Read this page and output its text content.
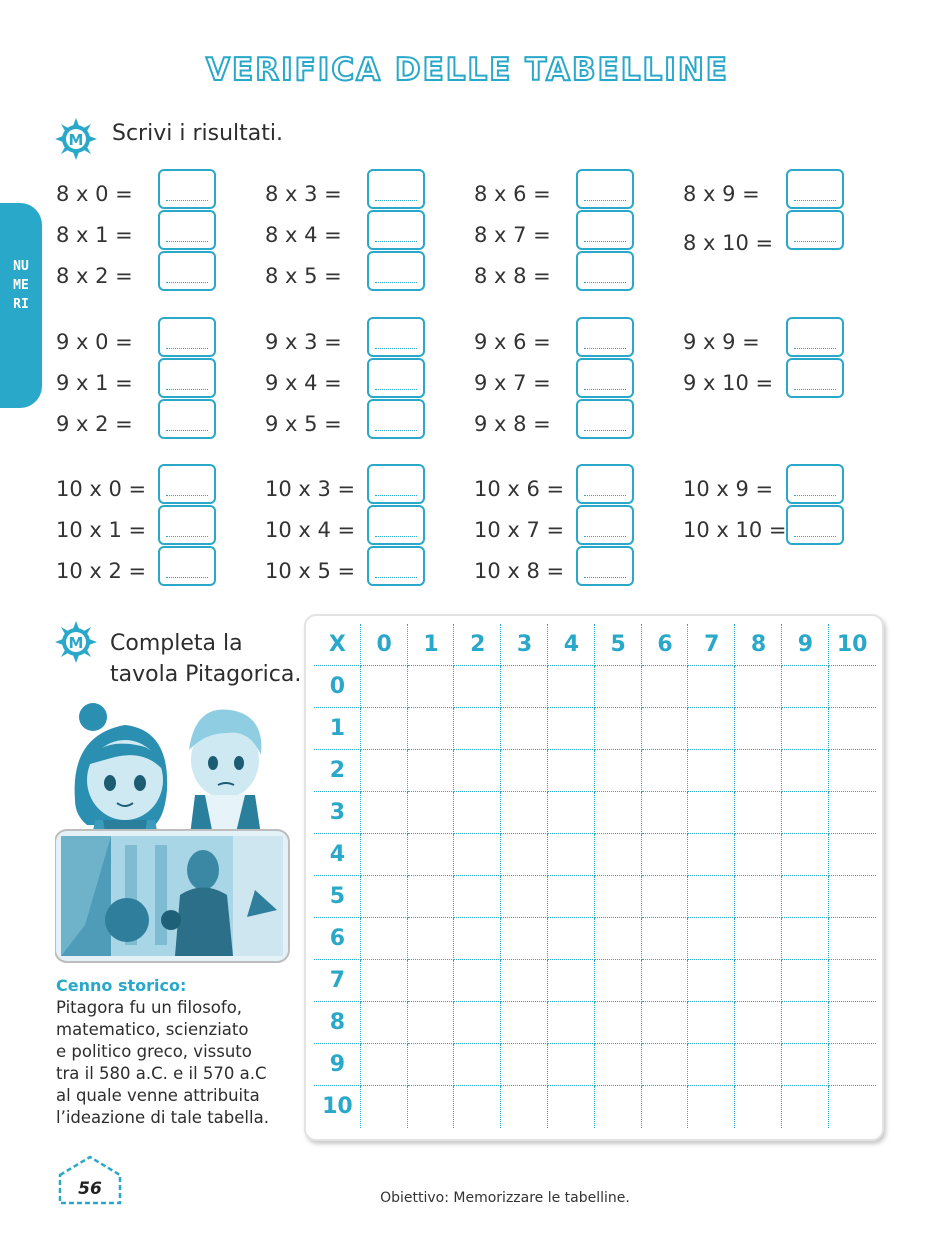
VERIFICA DELLE TABELLINE
NUMERI
M Scrivi i risultati.
8 x 0 =
8 x 1 =
8 x 2 =
8 x 3 =
8 x 4 =
8 x 5 =
8 x 6 =
8 x 7 =
8 x 8 =
8 x 9 =
8 x 10 =
9 x 0 =
9 x 1 =
9 x 2 =
9 x 3 =
9 x 4 =
9 x 5 =
9 x 6 =
9 x 7 =
9 x 8 =
9 x 9 =
9 x 10 =
10 x 0 =
10 x 1 =
10 x 2 =
10 x 3 =
10 x 4 =
10 x 5 =
10 x 6 =
10 x 7 =
10 x 8 =
10 x 9 =
10 x 10 =
M Completa la
tavola Pitagorica.
Cenno storico:
Pitagora fu un filosofo,
matematico, scienziato
e politico greco, vissuto
tra il 580 a.C. e il 570 a.C
al quale venne attribuita
l’ideazione di tale tabella.
X	0	1	2	3	4	5	6	7	8	9	10
0
1
2
3
4
5
6
7
8
9
10
56	Obiettivo: Memorizzare le tabelline.
